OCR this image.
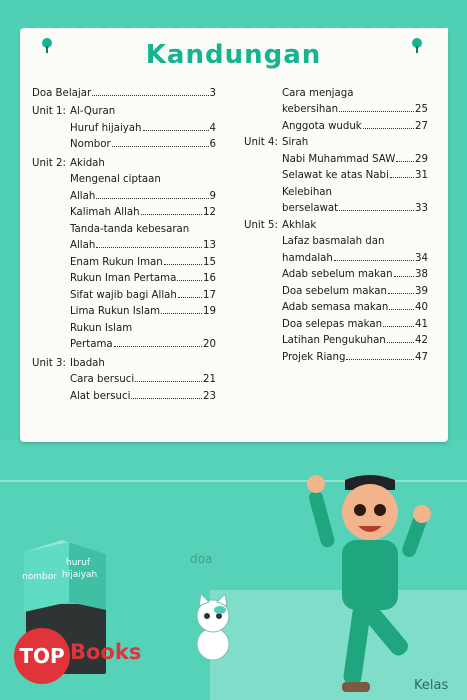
Kandungan
Doa Belajar	3
Unit 1: Al-Quran
Huruf hijaiyah	4
Nombor	6
Unit 2: Akidah
Mengenal ciptaan
Allah	9
Kalimah Allah	12
Tanda-tanda kebesaran
Allah	13
Enam Rukun Iman	15
Rukun Iman Pertama	16
Sifat wajib bagi Allah	17
Lima Rukun Islam	19
Rukun Islam
Pertama	20
Unit 3: Ibadah
Cara bersuci	21
Alat bersuci	23
Cara menjaga
kebersihan	25
Anggota wuduk	27
Unit 4: Sirah
Nabi Muhammad SAW 29
Selawat ke atas Nabi	31
Kelebihan
berselawat	33
Unit 5: Akhlak
Lafaz basmalah dan
hamdalah	34
Adab sebelum makan 38
Doa sebelum makan	39
Adab semasa makan	40
Doa selepas makan	41
Latihan Pengukuhan	42
Projek Riang	47
doa
Kelas
nombor
huruf
hijaiyah
TOP Books
